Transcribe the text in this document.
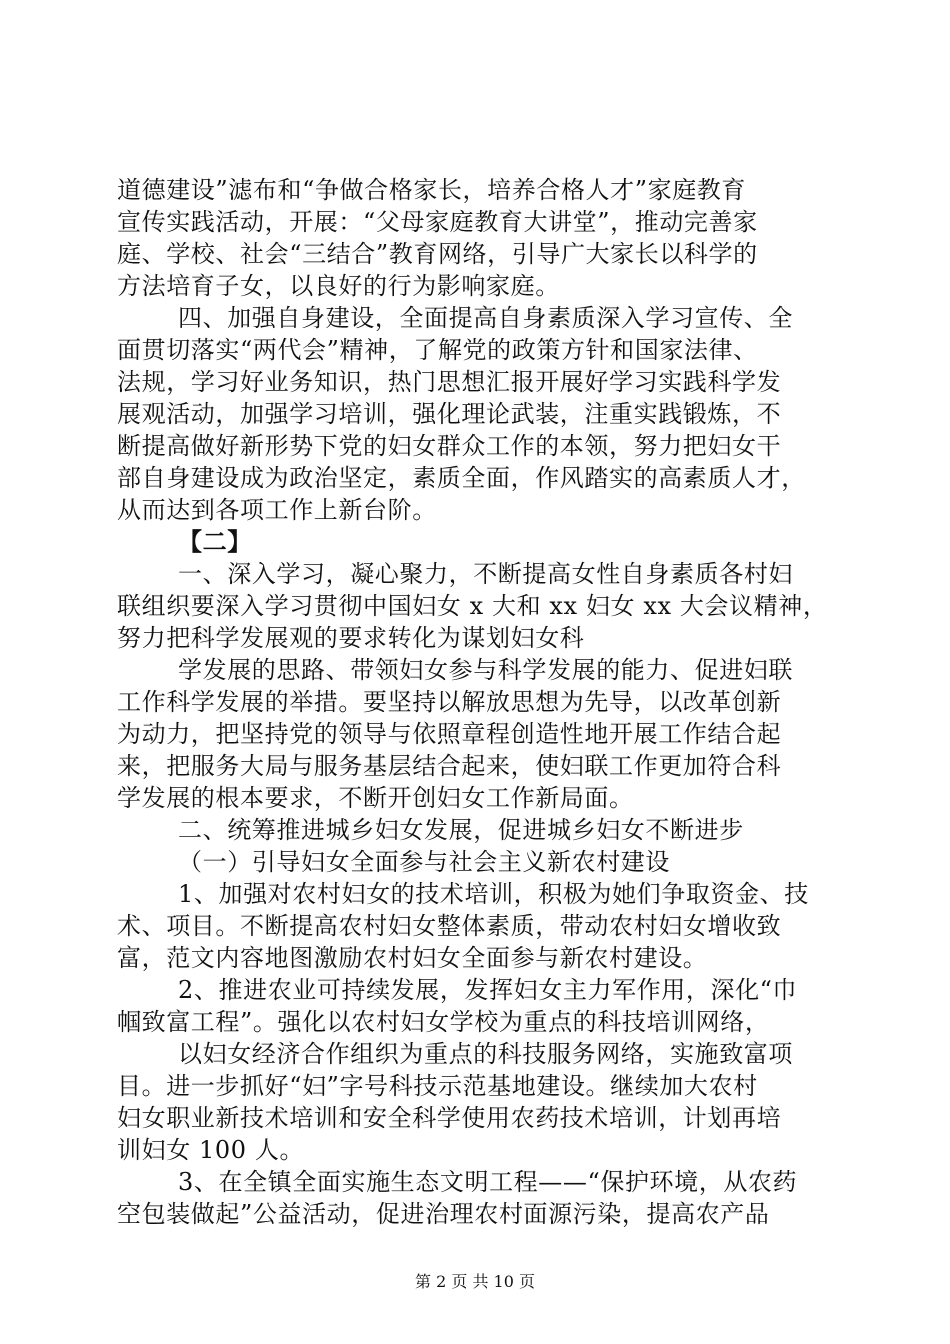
道德建设”滤布和“争做合格家长，培养合格人才”家庭教育
宣传实践活动，开展：“父母家庭教育大讲堂”，推动完善家
庭、学校、社会“三结合”教育网络，引导广大家长以科学的
方法培育子女，以良好的行为影响家庭。
四、加强自身建设，全面提高自身素质深入学习宣传、全
面贯切落实“两代会”精神，了解党的政策方针和国家法律、
法规，学习好业务知识，热门思想汇报开展好学习实践科学发
展观活动，加强学习培训，强化理论武装，注重实践锻炼，不
断提高做好新形势下党的妇女群众工作的本领，努力把妇女干
部自身建设成为政治坚定，素质全面，作风踏实的高素质人才，
从而达到各项工作上新台阶。
【二】
一、深入学习，凝心聚力，不断提高女性自身素质各村妇
联组织要深入学习贯彻中国妇女 x 大和 xx 妇女 xx 大会议精神，
努力把科学发展观的要求转化为谋划妇女科
学发展的思路、带领妇女参与科学发展的能力、促进妇联
工作科学发展的举措。要坚持以解放思想为先导，以改革创新
为动力，把坚持党的领导与依照章程创造性地开展工作结合起
来，把服务大局与服务基层结合起来，使妇联工作更加符合科
学发展的根本要求，不断开创妇女工作新局面。
二、统筹推进城乡妇女发展，促进城乡妇女不断进步
（一）引导妇女全面参与社会主义新农村建设
1、加强对农村妇女的技术培训，积极为她们争取资金、技
术、项目。不断提高农村妇女整体素质，带动农村妇女增收致
富，范文内容地图激励农村妇女全面参与新农村建设。
2、推进农业可持续发展，发挥妇女主力军作用，深化“巾
帼致富工程”。强化以农村妇女学校为重点的科技培训网络，
以妇女经济合作组织为重点的科技服务网络，实施致富项
目。进一步抓好“妇”字号科技示范基地建设。继续加大农村
妇女职业新技术培训和安全科学使用农药技术培训，计划再培
训妇女 100 人。
3、在全镇全面实施生态文明工程——“保护环境，从农药
空包装做起”公益活动，促进治理农村面源污染，提高农产品
第 2 页 共 10 页
